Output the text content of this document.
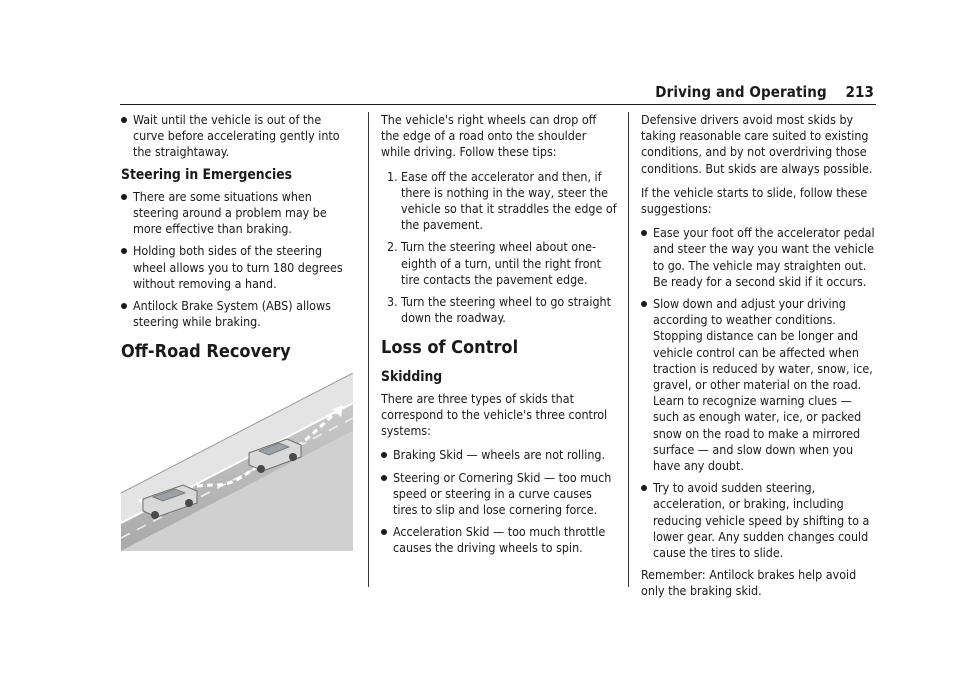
Driving and Operating 213
Wait until the vehicle is out of the curve before accelerating gently into the straightaway.
Steering in Emergencies
There are some situations when steering around a problem may be more effective than braking.
Holding both sides of the steering wheel allows you to turn 180 degrees without removing a hand.
Antilock Brake System (ABS) allows steering while braking.
Off-Road Recovery

The vehicle's right wheels can drop off the edge of a road onto the shoulder while driving. Follow these tips:

1. Ease off the accelerator and then, if there is nothing in the way, steer the vehicle so that it straddles the edge of the pavement.
2. Turn the steering wheel about one-eighth of a turn, until the right front tire contacts the pavement edge.
3. Turn the steering wheel to go straight down the roadway.
Loss of Control
Skidding

There are three types of skids that correspond to the vehicle's three control systems:

Braking Skid — wheels are not rolling.
Steering or Cornering Skid — too much speed or steering in a curve causes tires to slip and lose cornering force.
Acceleration Skid — too much throttle causes the driving wheels to spin.

Defensive drivers avoid most skids by taking reasonable care suited to existing conditions, and by not overdriving those conditions. But skids are always possible.

If the vehicle starts to slide, follow these suggestions:

Ease your foot off the accelerator pedal and steer the way you want the vehicle to go. The vehicle may straighten out. Be ready for a second skid if it occurs.
Slow down and adjust your driving according to weather conditions. Stopping distance can be longer and vehicle control can be affected when traction is reduced by water, snow, ice, gravel, or other material on the road. Learn to recognize warning clues — such as enough water, ice, or packed snow on the road to make a mirrored surface — and slow down when you have any doubt.
Try to avoid sudden steering, acceleration, or braking, including reducing vehicle speed by shifting to a lower gear. Any sudden changes could cause the tires to slide.

Remember: Antilock brakes help avoid only the braking skid.
